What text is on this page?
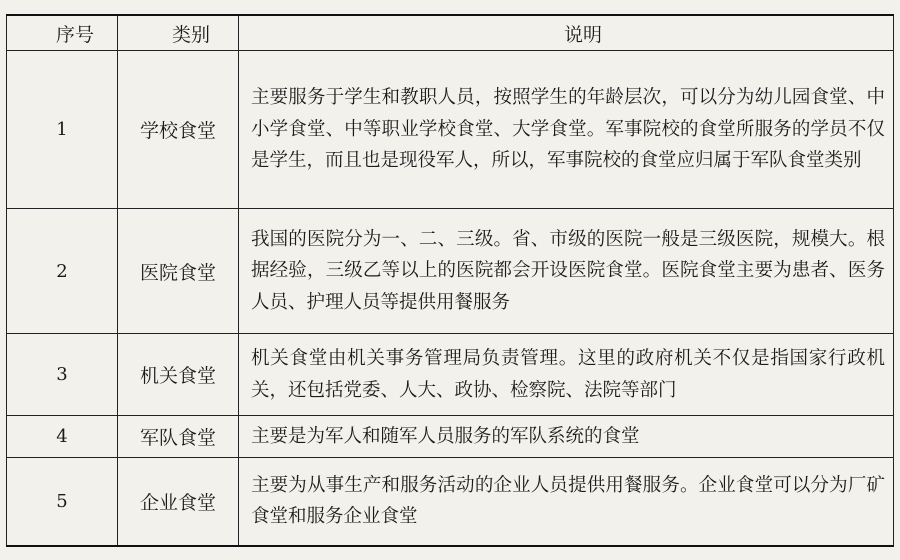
序号	类别	说明
1	学校食堂	主要服务于学生和教职人员，按照学生的年龄层次，可以分为幼儿园食堂、中小学食堂、中等职业学校食堂、大学食堂。军事院校的食堂所服务的学员不仅是学生，而且也是现役军人，所以，军事院校的食堂应归属于军队食堂类别
2	医院食堂	我国的医院分为一、二、三级。省、市级的医院一般是三级医院，规模大。根据经验，三级乙等以上的医院都会开设医院食堂。医院食堂主要为患者、医务人员、护理人员等提供用餐服务
3	机关食堂	机关食堂由机关事务管理局负责管理。这里的政府机关不仅是指国家行政机关，还包括党委、人大、政协、检察院、法院等部门
4	军队食堂	主要是为军人和随军人员服务的军队系统的食堂
5	企业食堂	主要为从事生产和服务活动的企业人员提供用餐服务。企业食堂可以分为厂矿食堂和服务企业食堂
